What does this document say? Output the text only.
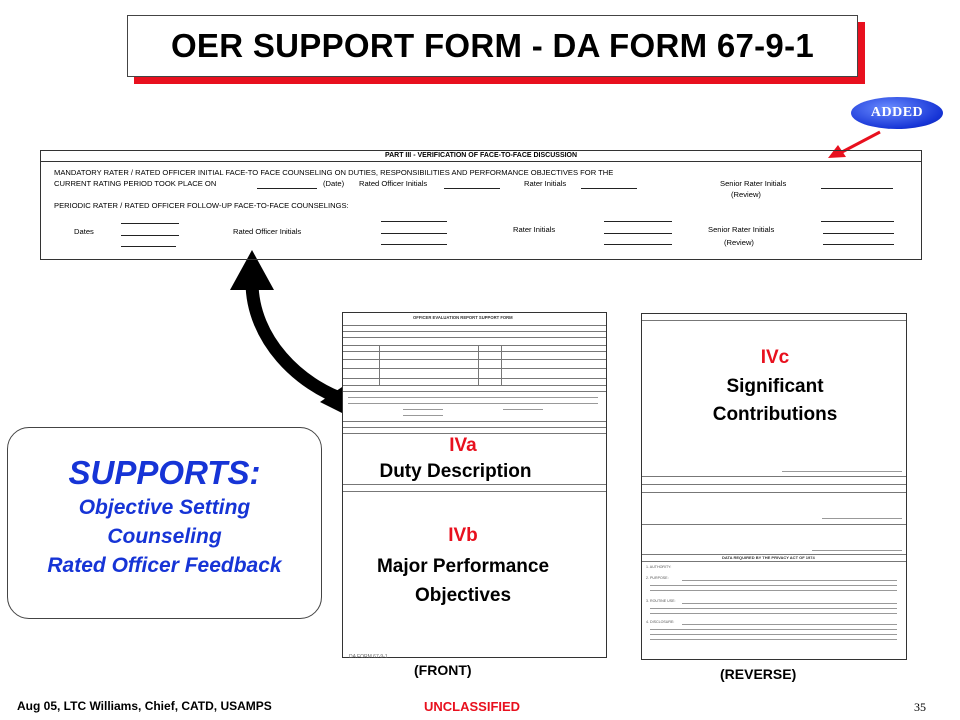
OER SUPPORT FORM - DA FORM 67-9-1
ADDED
PART III - VERIFICATION OF FACE-TO-FACE DISCUSSION
MANDATORY RATER / RATED OFFICER INITIAL FACE-TO FACE COUNSELING ON DUTIES, RESPONSIBILITIES AND PERFORMANCE OBJECTIVES FOR THE
CURRENT RATING PERIOD TOOK PLACE ON	(Date) Rated Officer Initials	Rater Initials	Senior Rater Initials
(Review)
PERIODIC RATER / RATED OFFICER FOLLOW-UP FACE-TO-FACE COUNSELINGS:
Dates	Rated Officer Initials	Rater Initials	Senior Rater Initials
(Review)
OFFICER EVALUATION REPORT SUPPORT FORM
DA FORM 67-9-1
IVa
Duty Description
IVb
Major Performance
Objectives
(FRONT)
DATA REQUIRED BY THE PRIVACY ACT OF 1974
1. AUTHORITY:
2. PURPOSE:
3. ROUTINE USE:
4. DISCLOSURE:
IVc
Significant
Contributions
(REVERSE)
SUPPORTS:
Objective Setting
Counseling
Rated Officer Feedback
Aug 05, LTC Williams, Chief, CATD, USAMPS	UNCLASSIFIED	35
